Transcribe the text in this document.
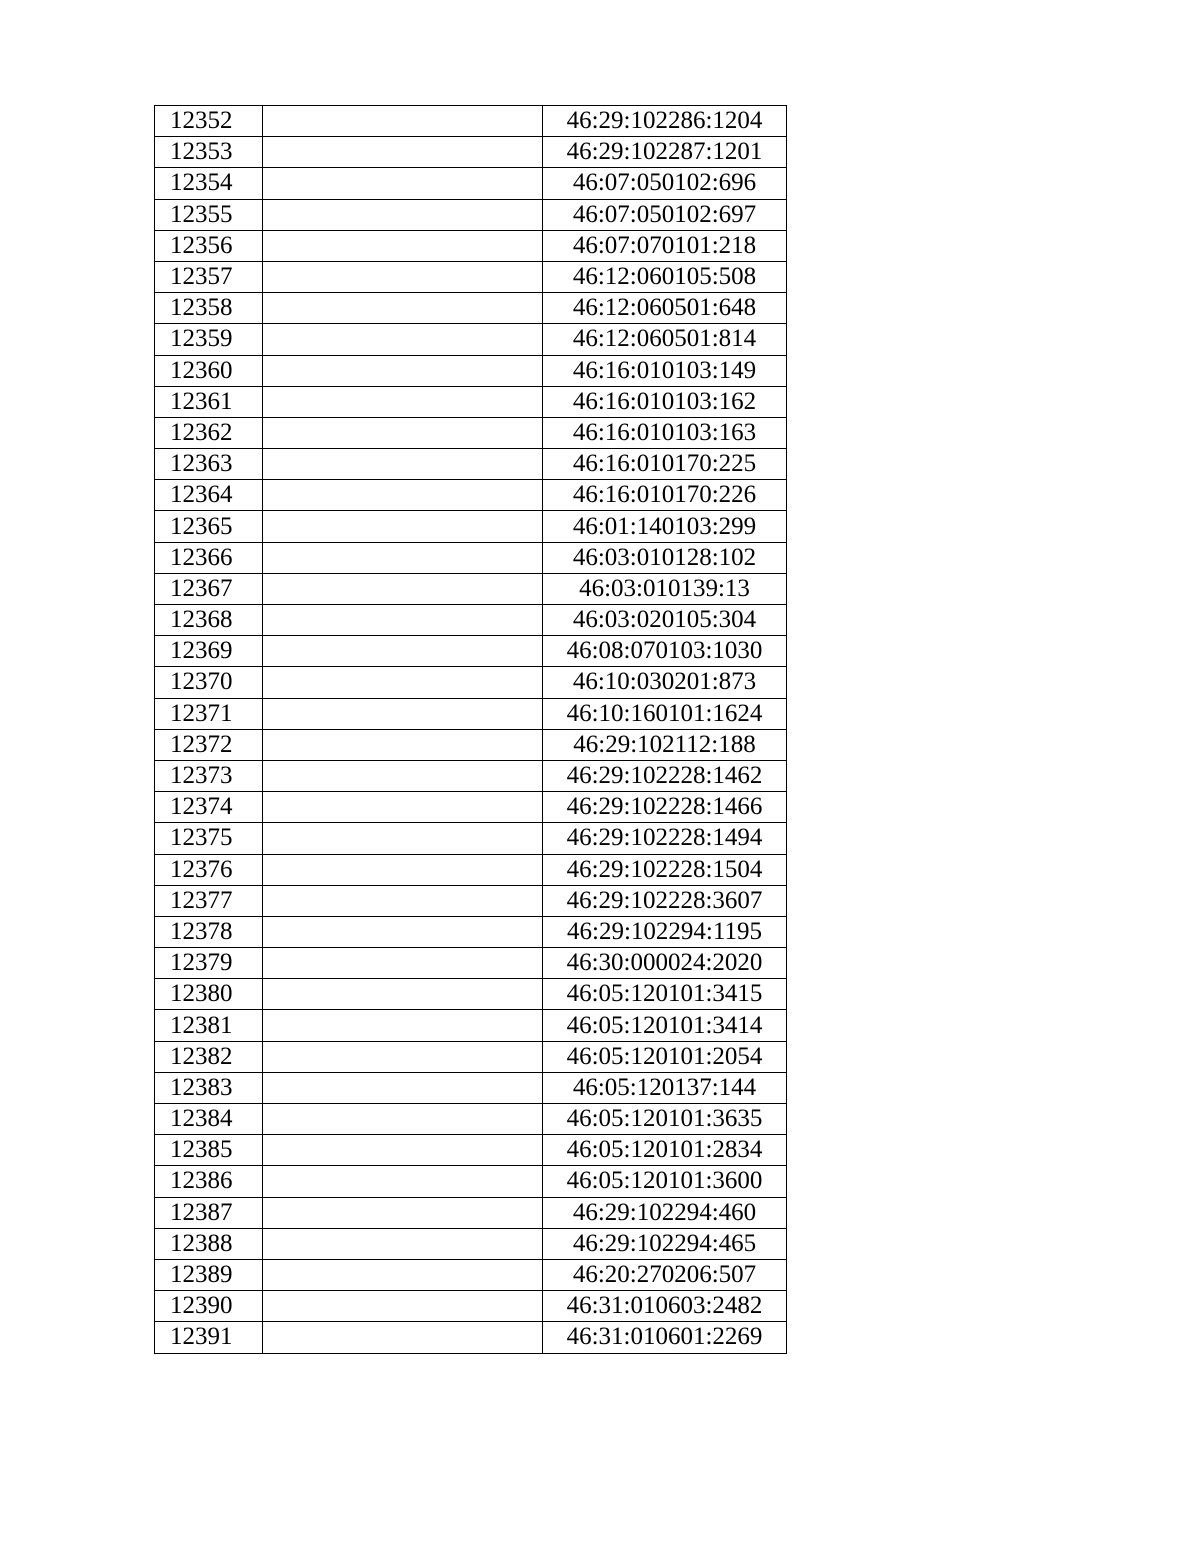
12352		46:29:102286:1204
12353		46:29:102287:1201
12354		46:07:050102:696
12355		46:07:050102:697
12356		46:07:070101:218
12357		46:12:060105:508
12358		46:12:060501:648
12359		46:12:060501:814
12360		46:16:010103:149
12361		46:16:010103:162
12362		46:16:010103:163
12363		46:16:010170:225
12364		46:16:010170:226
12365		46:01:140103:299
12366		46:03:010128:102
12367		46:03:010139:13
12368		46:03:020105:304
12369		46:08:070103:1030
12370		46:10:030201:873
12371		46:10:160101:1624
12372		46:29:102112:188
12373		46:29:102228:1462
12374		46:29:102228:1466
12375		46:29:102228:1494
12376		46:29:102228:1504
12377		46:29:102228:3607
12378		46:29:102294:1195
12379		46:30:000024:2020
12380		46:05:120101:3415
12381		46:05:120101:3414
12382		46:05:120101:2054
12383		46:05:120137:144
12384		46:05:120101:3635
12385		46:05:120101:2834
12386		46:05:120101:3600
12387		46:29:102294:460
12388		46:29:102294:465
12389		46:20:270206:507
12390		46:31:010603:2482
12391		46:31:010601:2269
